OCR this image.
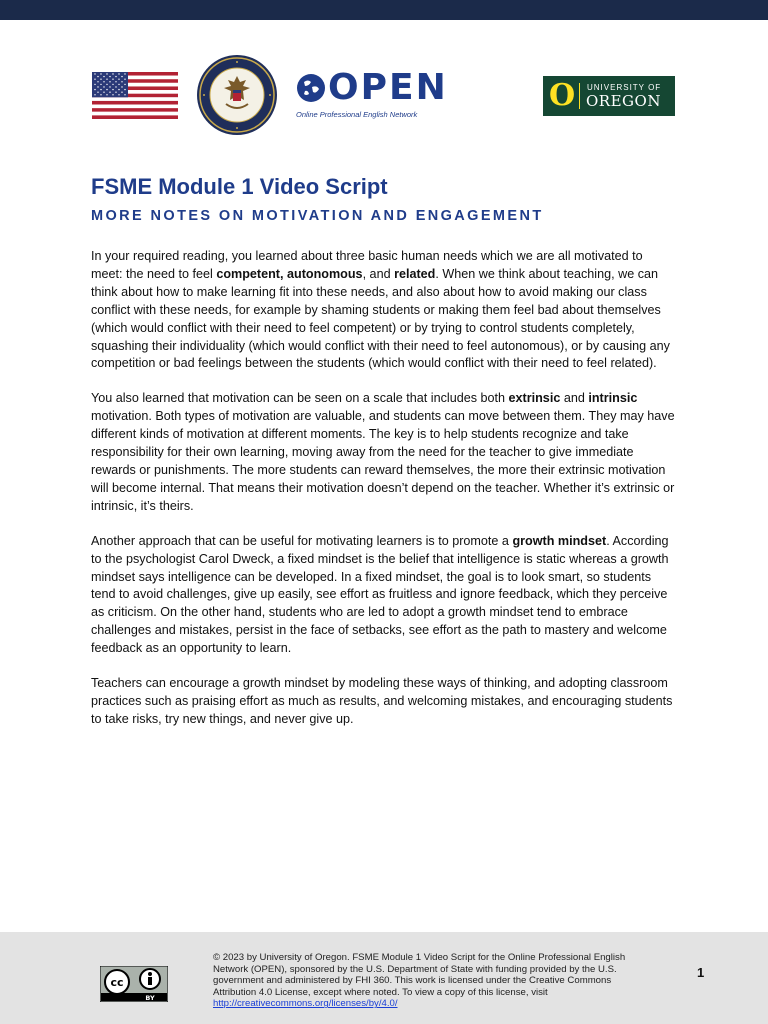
OPEN
Online Professional English Network
O UNIVERSITY OF
OREGON
FSME Module 1 Video Script
MORE NOTES ON MOTIVATION AND ENGAGEMENT

In your required reading, you learned about three basic human needs which we are all motivated to meet: the need to feel competent, autonomous, and related. When we think about teaching, we can think about how to make learning fit into these needs, and also about how to avoid making our class conflict with these needs, for example by shaming students or making them feel bad about themselves (which would conflict with their need to feel competent) or by trying to control students completely, squashing their individuality (which would conflict with their need to feel autonomous), or by causing any competition or bad feelings between the students (which would conflict with their need to feel related).

You also learned that motivation can be seen on a scale that includes both extrinsic and intrinsic motivation. Both types of motivation are valuable, and students can move between them. They may have different kinds of motivation at different moments. The key is to help students recognize and take responsibility for their own learning, moving away from the need for the teacher to give immediate rewards or punishments. The more students can reward themselves, the more their extrinsic motivation will become internal. That means their motivation doesn’t depend on the teacher. Whether it’s extrinsic or intrinsic, it’s theirs.

Another approach that can be useful for motivating learners is to promote a growth mindset. According to the psychologist Carol Dweck, a fixed mindset is the belief that intelligence is static whereas a growth mindset says intelligence can be developed. In a fixed mindset, the goal is to look smart, so students tend to avoid challenges, give up easily, see effort as fruitless and ignore feedback, which they perceive as criticism. On the other hand, students who are led to adopt a growth mindset tend to embrace challenges and mistakes, persist in the face of setbacks, see effort as the path to mastery and welcome feedback as an opportunity to learn.

Teachers can encourage a growth mindset by modeling these ways of thinking, and adopting classroom practices such as praising effort as much as results, and welcoming mistakes, and encouraging students to take risks, try new things, and never give up.

cc
BY
© 2023 by University of Oregon. FSME Module 1 Video Script for the Online Professional English Network (OPEN), sponsored by the U.S. Department of State with funding provided by the U.S. government and administered by FHI 360. This work is licensed under the Creative Commons Attribution 4.0 License, except where noted. To view a copy of this license, visit http://creativecommons.org/licenses/by/4.0/
1
